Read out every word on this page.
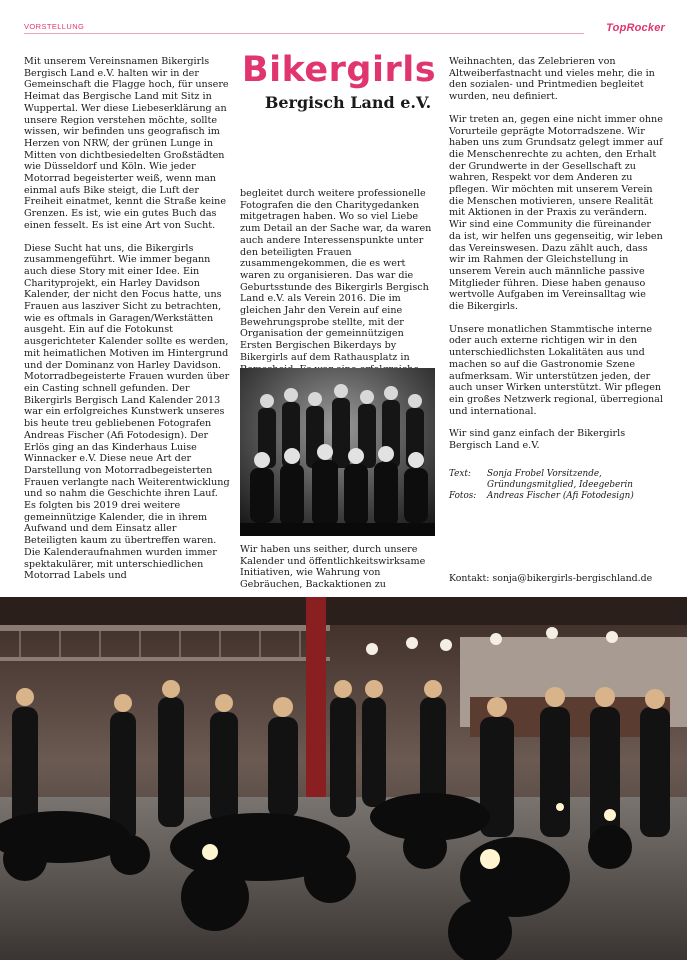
VORSTELLUNG	TopRocker

Mit unserem Vereinsnamen Bikergirls Bergisch Land e.V. halten wir in der Gemeinschaft die Flagge hoch, für unsere Heimat das Bergische Land mit Sitz in Wuppertal. Wer diese Liebeserklärung an unsere Region verstehen möchte, sollte wissen, wir befinden uns geografisch im Herzen von NRW, der grünen Lunge in Mitten von dichtbesiedelten Großstädten wie Düsseldorf und Köln. Wie jeder Motorrad begeisterter weiß, wenn man einmal aufs Bike steigt, die Luft der Freiheit einatmet, kennt die Straße keine Grenzen. Es ist, wie ein gutes Buch das einen fesselt. Es ist eine Art von Sucht.

Diese Sucht hat uns, die Bikergirls zusammengeführt. Wie immer begann auch diese Story mit einer Idee. Ein Charityprojekt, ein Harley Davidson Kalender, der nicht den Focus hatte, uns Frauen aus lasziver Sicht zu betrachten, wie es oftmals in Garagen/Werkstätten ausgeht. Ein auf die Fotokunst ausgerichteter Kalender sollte es werden, mit heimatlichen Motiven im Hintergrund und der Dominanz von Harley Davidson. Motorradbegeisterte Frauen wurden über ein Casting schnell gefunden. Der Bikergirls Bergisch Land Kalender 2013 war ein erfolgreiches Kunstwerk unseres bis heute treu gebliebenen Fotografen Andreas Fischer (Afi Fotodesign). Der Erlös ging an das Kinderhaus Luise Winnacker e.V. Diese neue Art der Darstellung von Motorradbegeisterten Frauen verlangte nach Weiterentwicklung und so nahm die Geschichte ihren Lauf. Es folgten bis 2019 drei weitere gemeinnützige Kalender, die in ihrem Aufwand und dem Einsatz aller Beteiligten kaum zu übertreffen waren. Die Kalenderaufnahmen wurden immer spektakulärer, mit unterschiedlichen Motorrad Labels und

Bikergirls
Bergisch Land e.V.

begleitet durch weitere professionelle Fotografen die den Charitygedanken mitgetragen haben. Wo so viel Liebe zum Detail an der Sache war, da waren auch andere Interessenspunkte unter den beteiligten Frauen zusammengekommen, die es wert waren zu organisieren. Das war die Geburtsstunde des Bikergirls Bergisch Land e.V. als Verein 2016. Die im gleichen Jahr den Verein auf eine Bewehrungsprobe stellte, mit der Organisation der gemeinnützigen Ersten Bergischen Bikerdays by Bikergirls auf dem Rathausplatz in

Wir haben uns seither, durch unsere Kalender und öffentlichkeitswirksame Initiativen, wie Wahrung von Gebräuchen, Backaktionen zu

Weihnachten, das Zelebrieren von Altweiberfastnacht und vieles mehr, die in den sozialen- und Printmedien begleitet wurden, neu definiert.

Wir treten an, gegen eine nicht immer ohne Vorurteile geprägte Motorradszene. Wir haben uns zum Grundsatz gelegt immer auf die Menschenrechte zu achten, den Erhalt der Grundwerte in der Gesellschaft zu wahren, Respekt vor dem Anderen zu pflegen. Wir möchten mit unserem Verein die Menschen motivieren, unsere Realität mit Aktionen in der Praxis zu verändern. Wir sind eine Community die füreinander da ist, wir helfen uns gegenseitig, wir leben das Vereinswesen. Dazu zählt auch, dass wir im Rahmen der Gleichstellung in unserem Verein auch männliche passive Mitglieder führen. Diese haben genauso wertvolle Aufgaben im Vereinsalltag wie die Bikergirls.

Unsere monatlichen Stammtische interne oder auch externe richtigen wir in den unterschiedlichsten Lokalitäten aus und machen so auf die Gastronomie Szene aufmerksam. Wir unterstützen jeden, der auch unser Wirken unterstützt. Wir pflegen ein großes Netzwerk regional, überregional und international.

Wir sind ganz einfach der Bikergirls Bergisch Land e.V.

Text:	Sonja Frobel Vorsitzende, Gründungsmitglied, Ideegeberin
Fotos:	Andreas Fischer (Afi Fotodesign)
Kontakt: sonja@bikergirls-bergischland.de
